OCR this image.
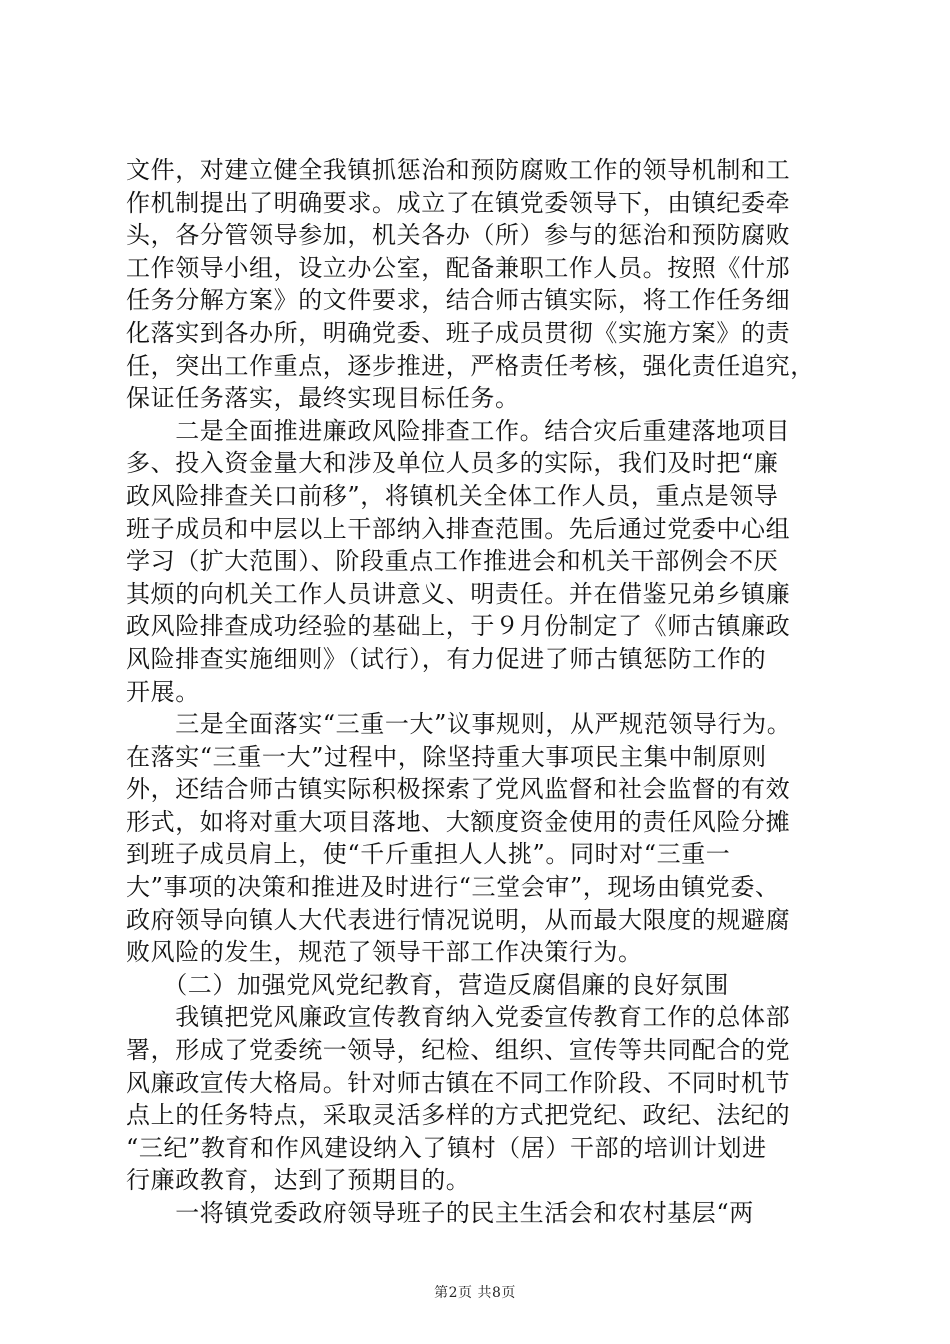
文件，对建立健全我镇抓惩治和预防腐败工作的领导机制和工
作机制提出了明确要求。成立了在镇党委领导下，由镇纪委牵
头，各分管领导参加，机关各办（所）参与的惩治和预防腐败
工作领导小组，设立办公室，配备兼职工作人员。按照《什邡
任务分解方案》的文件要求，结合师古镇实际，将工作任务细
化落实到各办所，明确党委、班子成员贯彻《实施方案》的责
任，突出工作重点，逐步推进，严格责任考核，强化责任追究，
保证任务落实，最终实现目标任务。
　　二是全面推进廉政风险排查工作。结合灾后重建落地项目
多、投入资金量大和涉及单位人员多的实际，我们及时把“廉
政风险排查关口前移”，将镇机关全体工作人员，重点是领导
班子成员和中层以上干部纳入排查范围。先后通过党委中心组
学习（扩大范围）、阶段重点工作推进会和机关干部例会不厌
其烦的向机关工作人员讲意义、明责任。并在借鉴兄弟乡镇廉
政风险排查成功经验的基础上，于９月份制定了《师古镇廉政
风险排查实施细则》（试行），有力促进了师古镇惩防工作的
开展。
　　三是全面落实“三重一大”议事规则，从严规范领导行为。
在落实“三重一大”过程中，除坚持重大事项民主集中制原则
外，还结合师古镇实际积极探索了党风监督和社会监督的有效
形式，如将对重大项目落地、大额度资金使用的责任风险分摊
到班子成员肩上，使“千斤重担人人挑”。同时对“三重一
大”事项的决策和推进及时进行“三堂会审”，现场由镇党委、
政府领导向镇人大代表进行情况说明，从而最大限度的规避腐
败风险的发生，规范了领导干部工作决策行为。
　　（二）加强党风党纪教育，营造反腐倡廉的良好氛围
　　我镇把党风廉政宣传教育纳入党委宣传教育工作的总体部
署，形成了党委统一领导，纪检、组织、宣传等共同配合的党
风廉政宣传大格局。针对师古镇在不同工作阶段、不同时机节
点上的任务特点，采取灵活多样的方式把党纪、政纪、法纪的
“三纪”教育和作风建设纳入了镇村（居）干部的培训计划进
行廉政教育，达到了预期目的。
　　一将镇党委政府领导班子的民主生活会和农村基层“两
第2页 共8页
